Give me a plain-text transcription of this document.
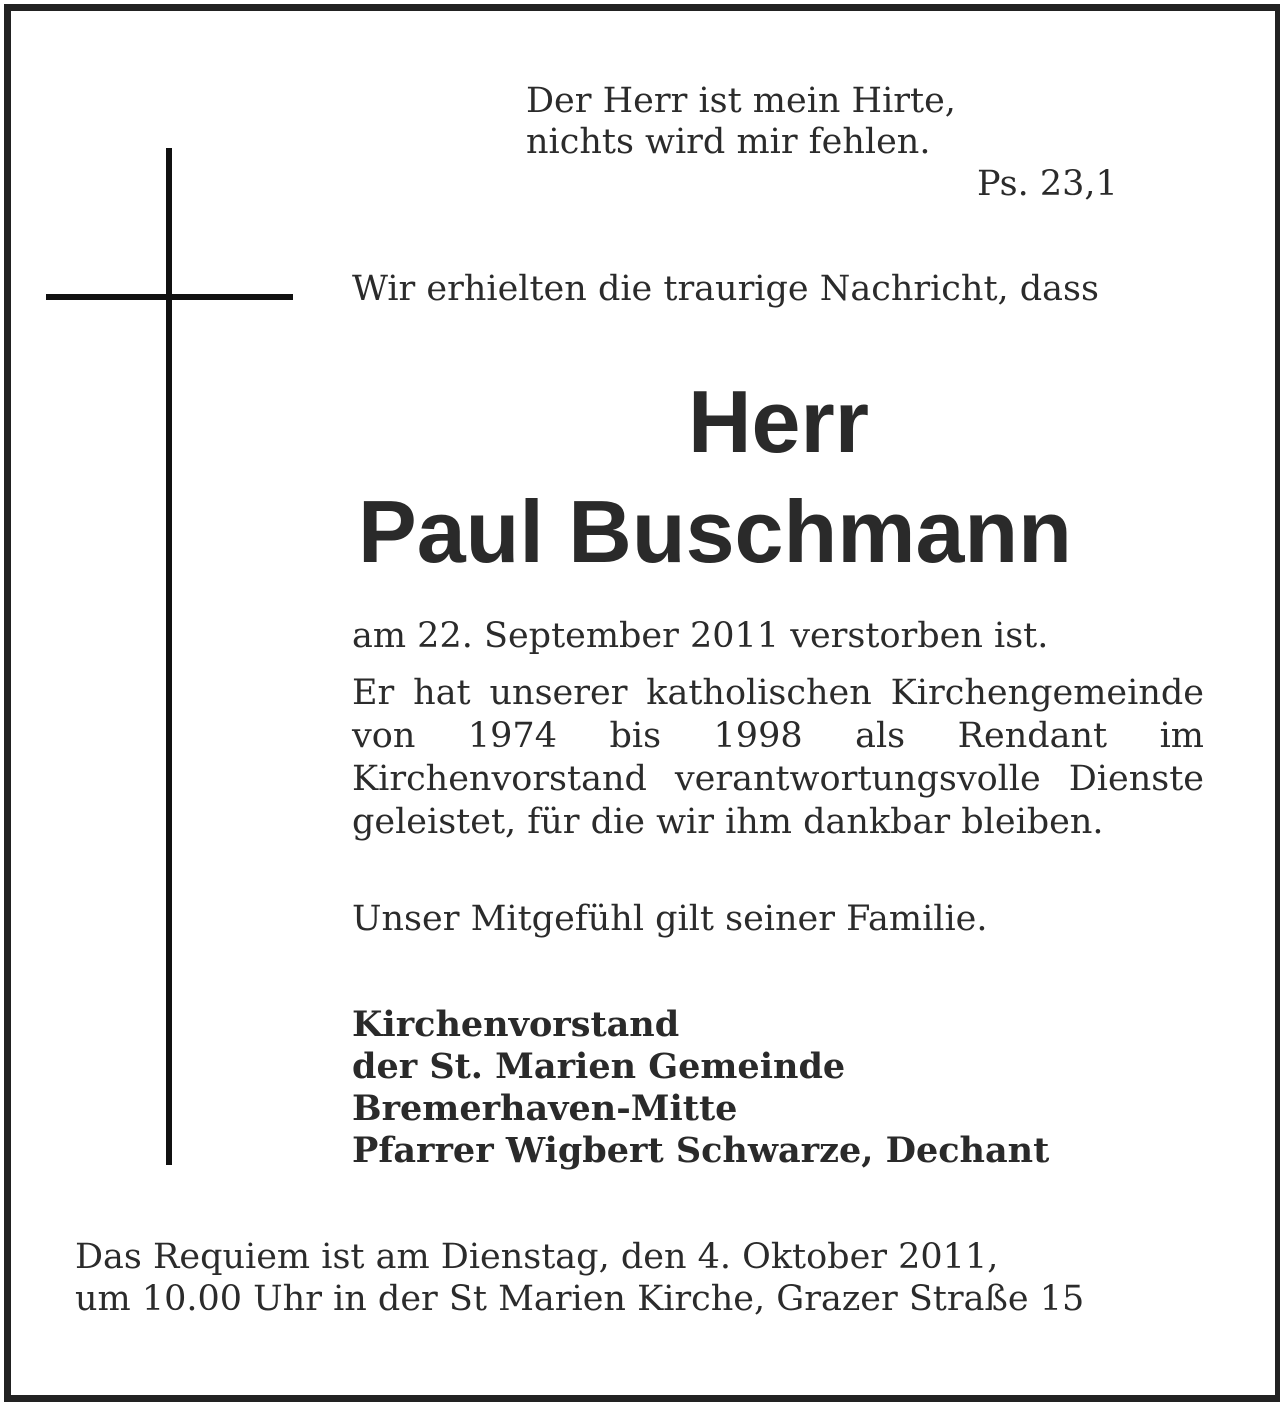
Der Herr ist mein Hirte,
nichts wird mir fehlen.
Ps. 23,1
Wir erhielten die traurige Nachricht, dass
Herr
Paul Buschmann
am 22. September 2011 verstorben ist.
Er hat unserer katholischen Kirchengemeinde von 1974 bis 1998 als Rendant im Kirchenvorstand verantwortungsvolle Dienste geleistet, für die wir ihm dankbar bleiben.
Unser Mitgefühl gilt seiner Familie.
Kirchenvorstand
der St. Marien Gemeinde
Bremerhaven-Mitte
Pfarrer Wigbert Schwarze, Dechant
Das Requiem ist am Dienstag, den 4. Oktober 2011,
um 10.00 Uhr in der St Marien Kirche, Grazer Straße 15
